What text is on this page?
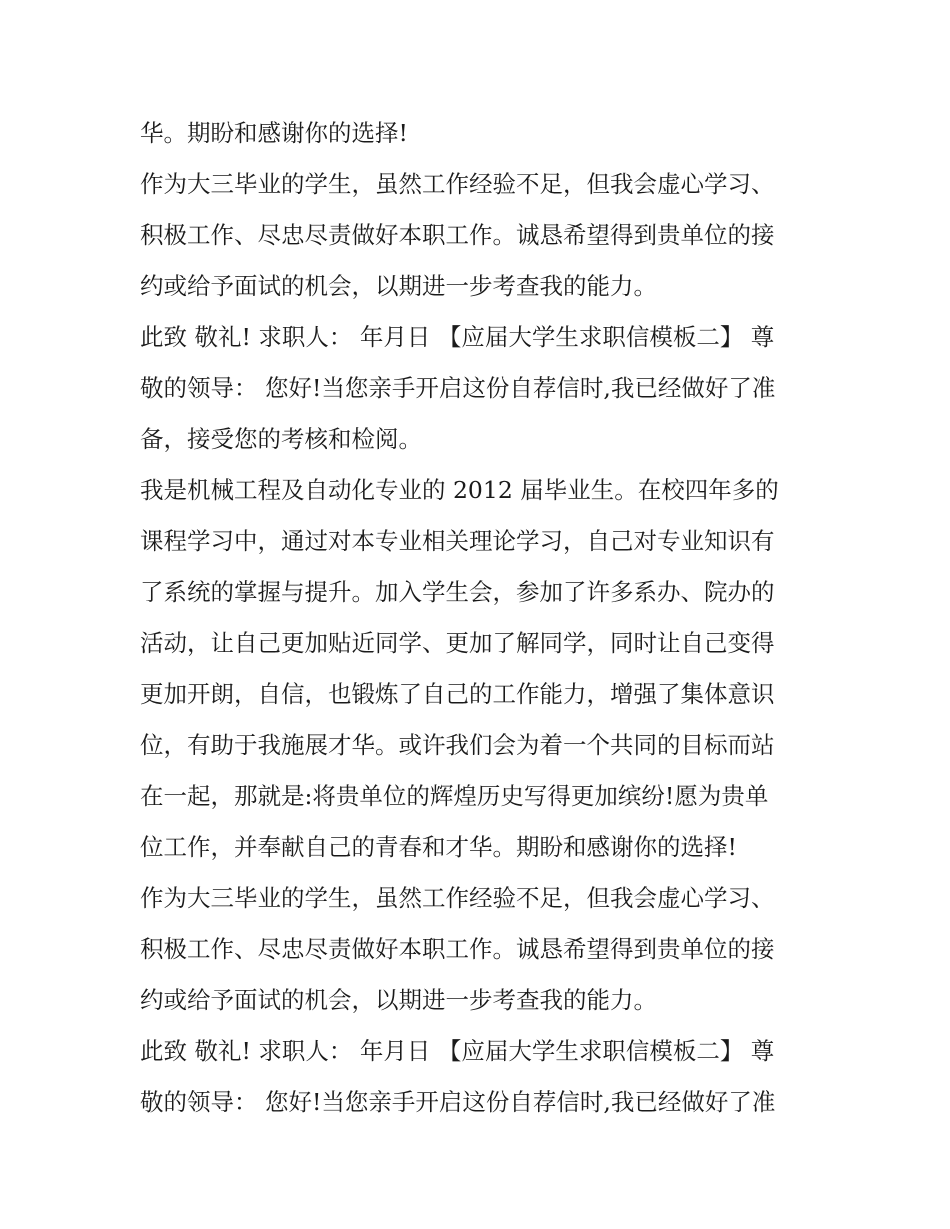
华。期盼和感谢你的选择!
作为大三毕业的学生，虽然工作经验不足，但我会虚心学习、
积极工作、尽忠尽责做好本职工作。诚恳希望得到贵单位的接
约或给予面试的机会，以期进一步考查我的能力。
此致 敬礼! 求职人： 年月日 【应届大学生求职信模板二】 尊
敬的领导： 您好!当您亲手开启这份自荐信时,我已经做好了准
备，接受您的考核和检阅。
我是机械工程及自动化专业的 2012 届毕业生。在校四年多的
课程学习中，通过对本专业相关理论学习，自己对专业知识有
了系统的掌握与提升。加入学生会，参加了许多系办、院办的
活动，让自己更加贴近同学、更加了解同学，同时让自己变得
更加开朗，自信，也锻炼了自己的工作能力，增强了集体意识
位，有助于我施展才华。或许我们会为着一个共同的目标而站
在一起，那就是:将贵单位的辉煌历史写得更加缤纷!愿为贵单
位工作，并奉献自己的青春和才华。期盼和感谢你的选择!
作为大三毕业的学生，虽然工作经验不足，但我会虚心学习、
积极工作、尽忠尽责做好本职工作。诚恳希望得到贵单位的接
约或给予面试的机会，以期进一步考查我的能力。
此致 敬礼! 求职人： 年月日 【应届大学生求职信模板二】 尊
敬的领导： 您好!当您亲手开启这份自荐信时,我已经做好了准
